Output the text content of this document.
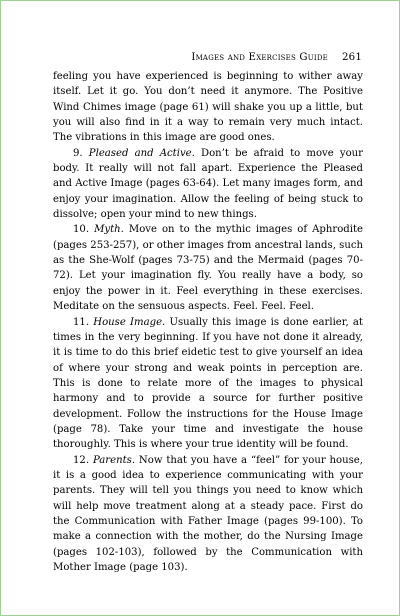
Images and Exercises Guide 261

feeling you have experienced is beginning to wither away itself. Let it go. You don’t need it anymore. The Positive Wind Chimes image (page 61) will shake you up a little, but you will also find in it a way to remain very much intact. The vibrations in this image are good ones.

9. Pleased and Active. Don’t be afraid to move your body. It really will not fall apart. Experience the Pleased and Active Image (pages 63-64). Let many images form, and enjoy your imagination. Allow the feeling of being stuck to dissolve; open your mind to new things.

10. Myth. Move on to the mythic images of Aphrodite (pages 253-257), or other images from ancestral lands, such as the She-Wolf (pages 73-75) and the Mermaid (pages 70-72). Let your imagination fly. You really have a body, so enjoy the power in it. Feel everything in these exercises. Meditate on the sensuous aspects. Feel. Feel. Feel.

11. House Image. Usually this image is done earlier, at times in the very beginning. If you have not done it already, it is time to do this brief eidetic test to give yourself an idea of where your strong and weak points in perception are. This is done to relate more of the images to physical harmony and to provide a source for further positive development. Follow the instructions for the House Image (page 78). Take your time and investigate the house thoroughly. This is where your true identity will be found.

12. Parents. Now that you have a “feel” for your house, it is a good idea to experience communicating with your parents. They will tell you things you need to know which will help move treatment along at a steady pace. First do the Communication with Father Image (pages 99-100). To make a connection with the mother, do the Nursing Image (pages 102-103), followed by the Communication with Mother Image (page 103).
